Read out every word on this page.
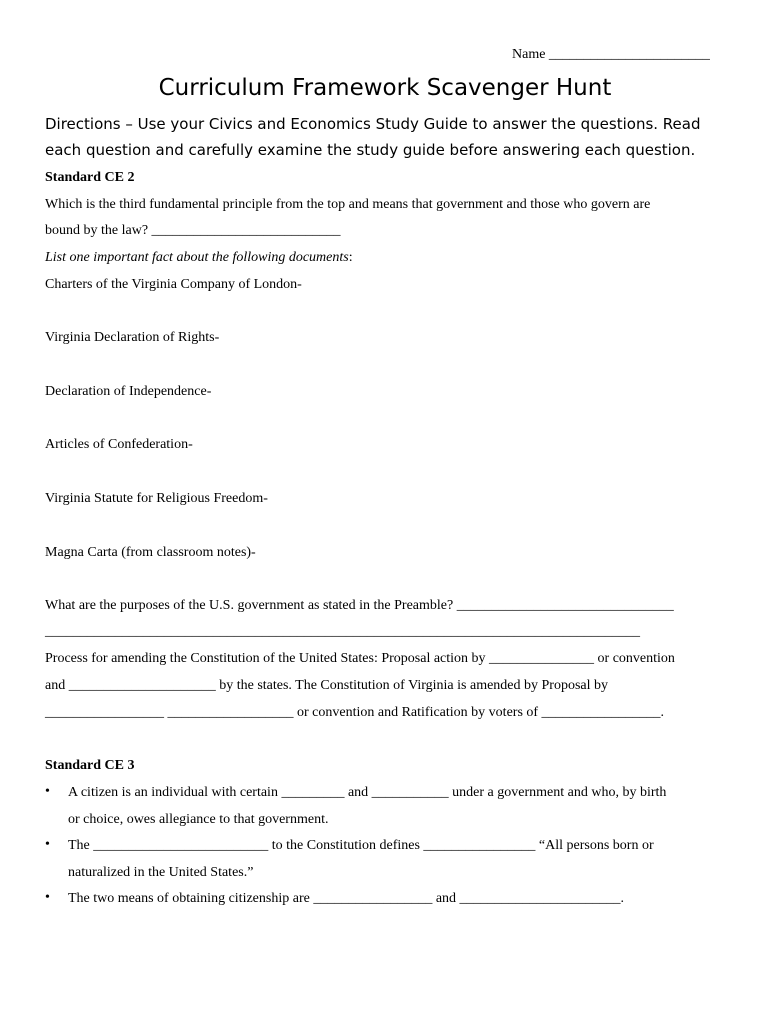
Name _______________________
Curriculum Framework Scavenger Hunt
Directions – Use your Civics and Economics Study Guide to answer the questions. Read
each question and carefully examine the study guide before answering each question.
Standard CE 2
Which is the third fundamental principle from the top and means that government and those who govern are
bound by the law? ___________________________
List one important fact about the following documents:
Charters of the Virginia Company of London-
Virginia Declaration of Rights-
Declaration of Independence-
Articles of Confederation-
Virginia Statute for Religious Freedom-
Magna Carta (from classroom notes)-
What are the purposes of the U.S. government as stated in the Preamble? _______________________________
_____________________________________________________________________________________
Process for amending the Constitution of the United States: Proposal action by _______________ or convention
and _____________________ by the states. The Constitution of Virginia is amended by Proposal by
_________________ __________________ or convention and Ratification by voters of _________________.
Standard CE 3
• A citizen is an individual with certain _________ and ___________ under a government and who, by birth
or choice, owes allegiance to that government.
• The _________________________ to the Constitution defines ________________ “All persons born or
naturalized in the United States.”
• The two means of obtaining citizenship are _________________ and _______________________.
